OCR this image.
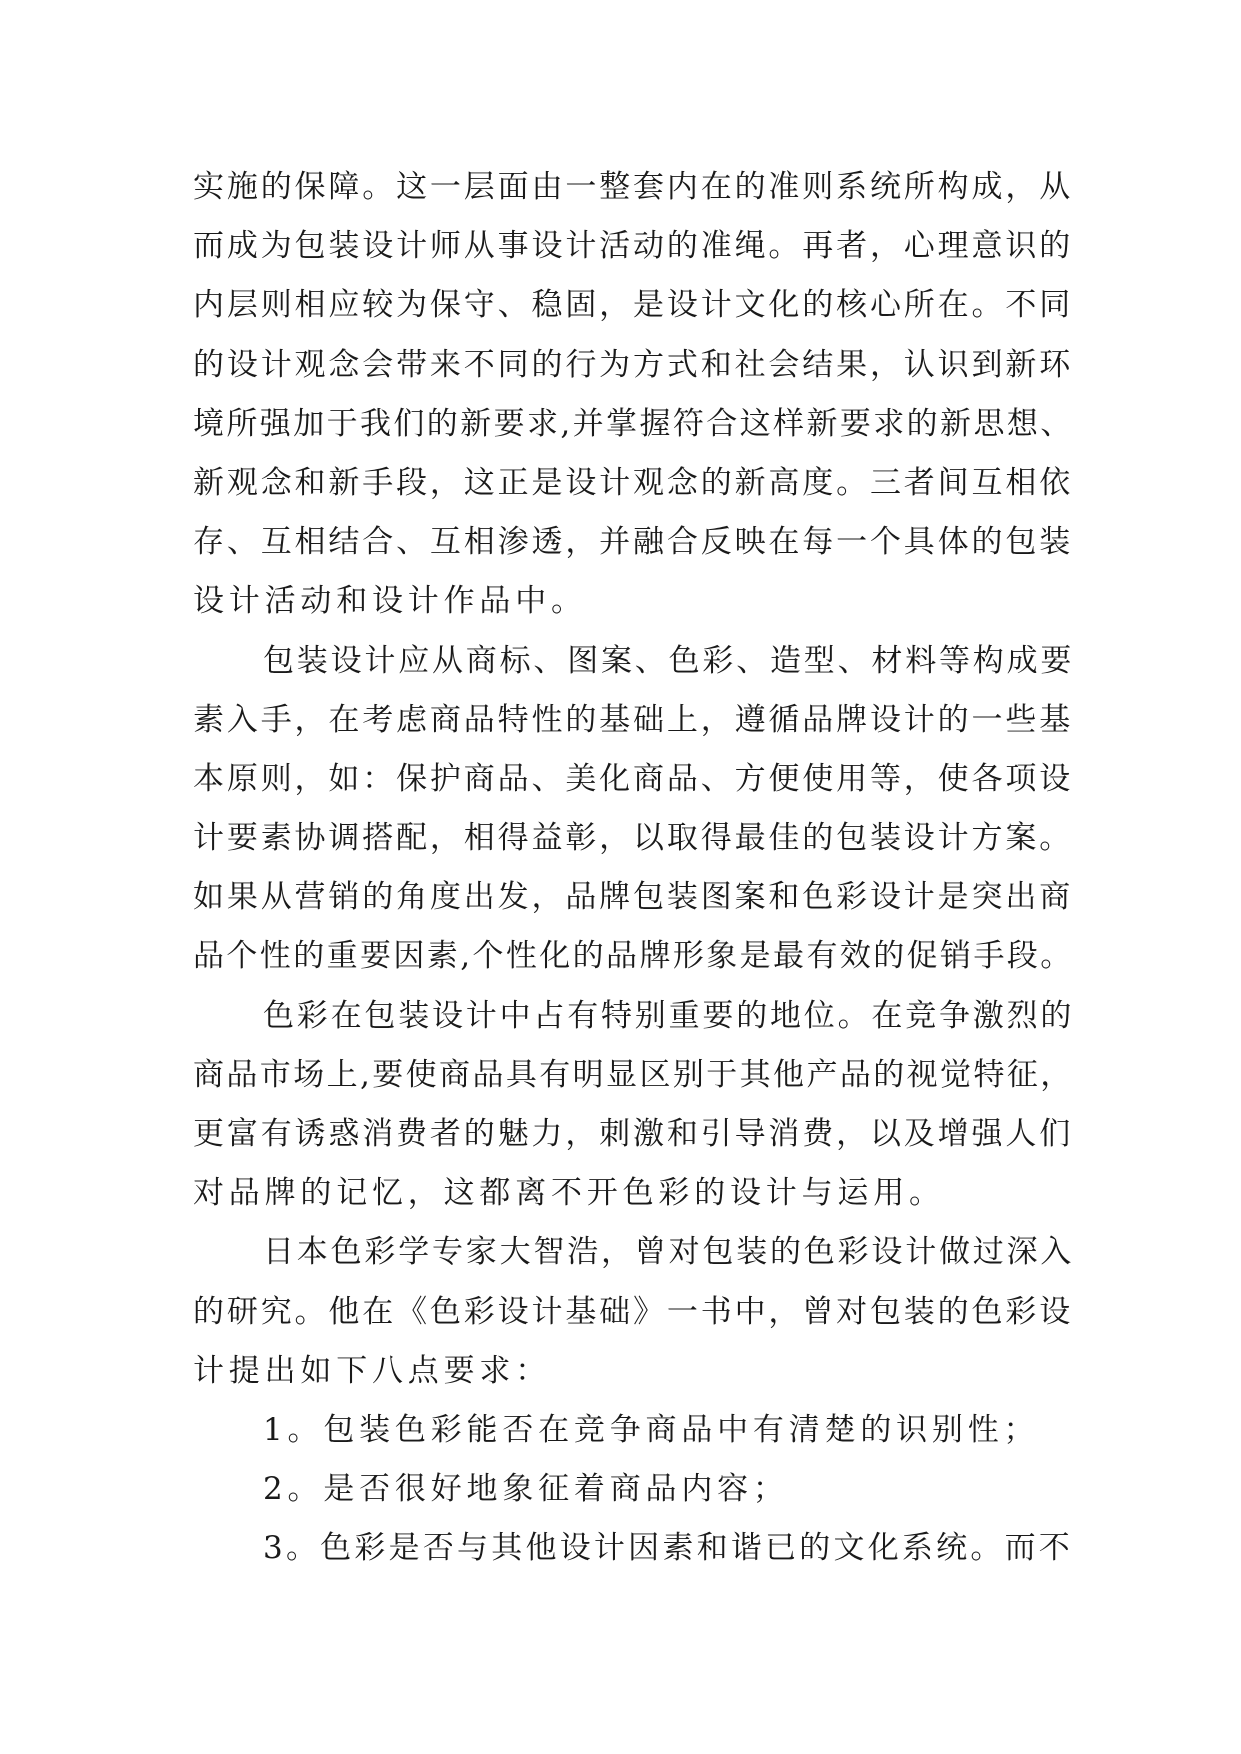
实施的保障。这一层面由一整套内在的准则系统所构成，从
而成为包装设计师从事设计活动的准绳。再者，心理意识的
内层则相应较为保守、稳固，是设计文化的核心所在。不同
的设计观念会带来不同的行为方式和社会结果，认识到新环
境所强加于我们的新要求,并掌握符合这样新要求的新思想、
新观念和新手段，这正是设计观念的新高度。三者间互相依
存、互相结合、互相渗透，并融合反映在每一个具体的包装
设计活动和设计作品中。
包装设计应从商标、图案、色彩、造型、材料等构成要
素入手，在考虑商品特性的基础上，遵循品牌设计的一些基
本原则，如：保护商品、美化商品、方便使用等，使各项设
计要素协调搭配，相得益彰，以取得最佳的包装设计方案。
如果从营销的角度出发，品牌包装图案和色彩设计是突出商
品个性的重要因素,个性化的品牌形象是最有效的促销手段。
色彩在包装设计中占有特别重要的地位。在竞争激烈的
商品市场上,要使商品具有明显区别于其他产品的视觉特征，
更富有诱惑消费者的魅力，刺激和引导消费，以及增强人们
对品牌的记忆，这都离不开色彩的设计与运用。
日本色彩学专家大智浩，曾对包装的色彩设计做过深入
的研究。他在《色彩设计基础》一书中，曾对包装的色彩设
计提出如下八点要求：
1。包装色彩能否在竞争商品中有清楚的识别性；
2。是否很好地象征着商品内容；
3。色彩是否与其他设计因素和谐已的文化系统。而不
